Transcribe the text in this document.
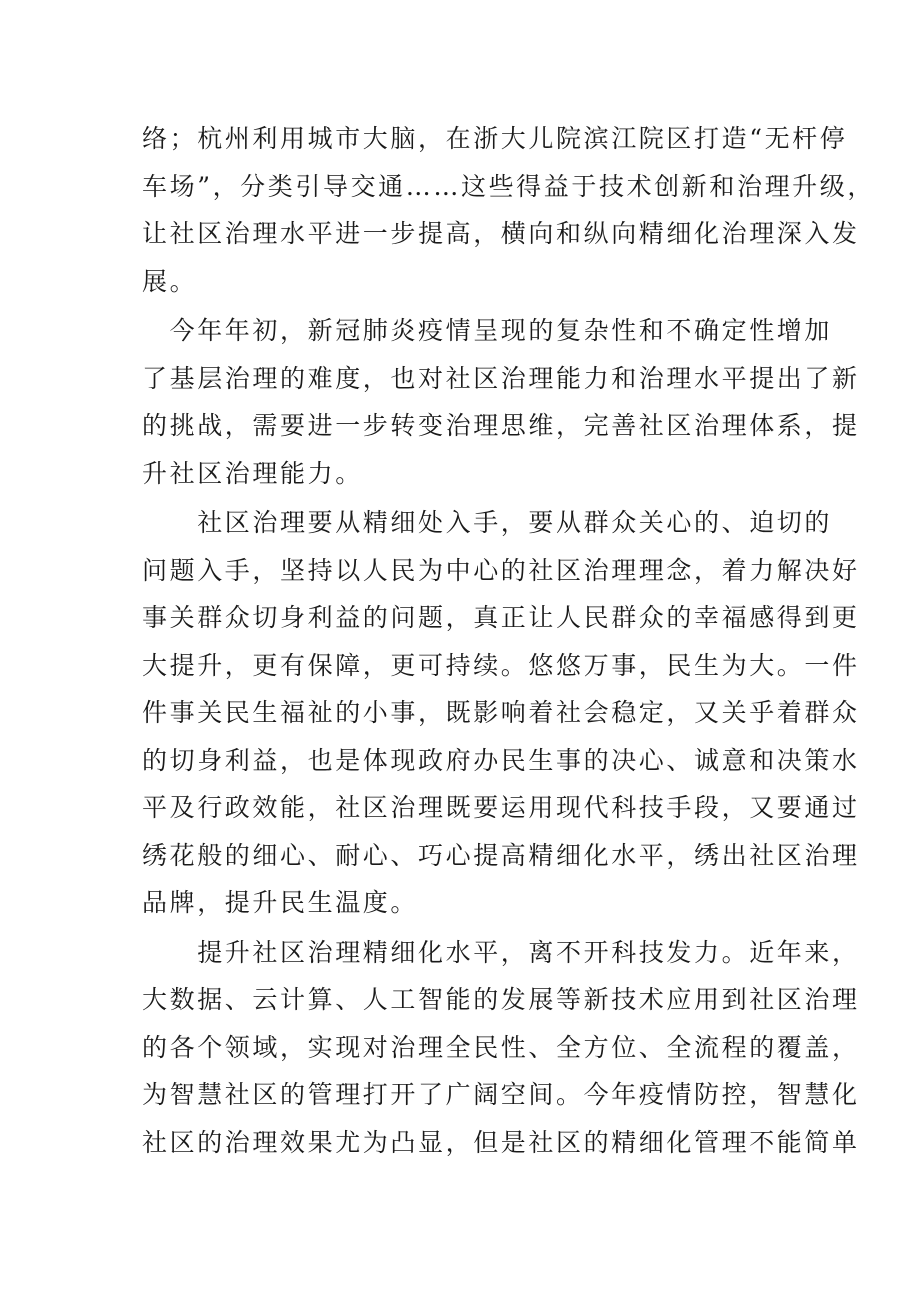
络；杭州利用城市大脑，在浙大儿院滨江院区打造“无杆停
车场”，分类引导交通……这些得益于技术创新和治理升级，
让社区治理水平进一步提高，横向和纵向精细化治理深入发
展。
　今年年初，新冠肺炎疫情呈现的复杂性和不确定性增加
了基层治理的难度，也对社区治理能力和治理水平提出了新
的挑战，需要进一步转变治理思维，完善社区治理体系，提
升社区治理能力。
　　社区治理要从精细处入手，要从群众关心的、迫切的
问题入手，坚持以人民为中心的社区治理理念，着力解决好
事关群众切身利益的问题，真正让人民群众的幸福感得到更
大提升，更有保障，更可持续。悠悠万事，民生为大。一件
件事关民生福祉的小事，既影响着社会稳定，又关乎着群众
的切身利益，也是体现政府办民生事的决心、诚意和决策水
平及行政效能，社区治理既要运用现代科技手段，又要通过
绣花般的细心、耐心、巧心提高精细化水平，绣出社区治理
品牌，提升民生温度。
　　提升社区治理精细化水平，离不开科技发力。近年来，
大数据、云计算、人工智能的发展等新技术应用到社区治理
的各个领域，实现对治理全民性、全方位、全流程的覆盖，
为智慧社区的管理打开了广阔空间。今年疫情防控，智慧化
社区的治理效果尤为凸显，但是社区的精细化管理不能简单
